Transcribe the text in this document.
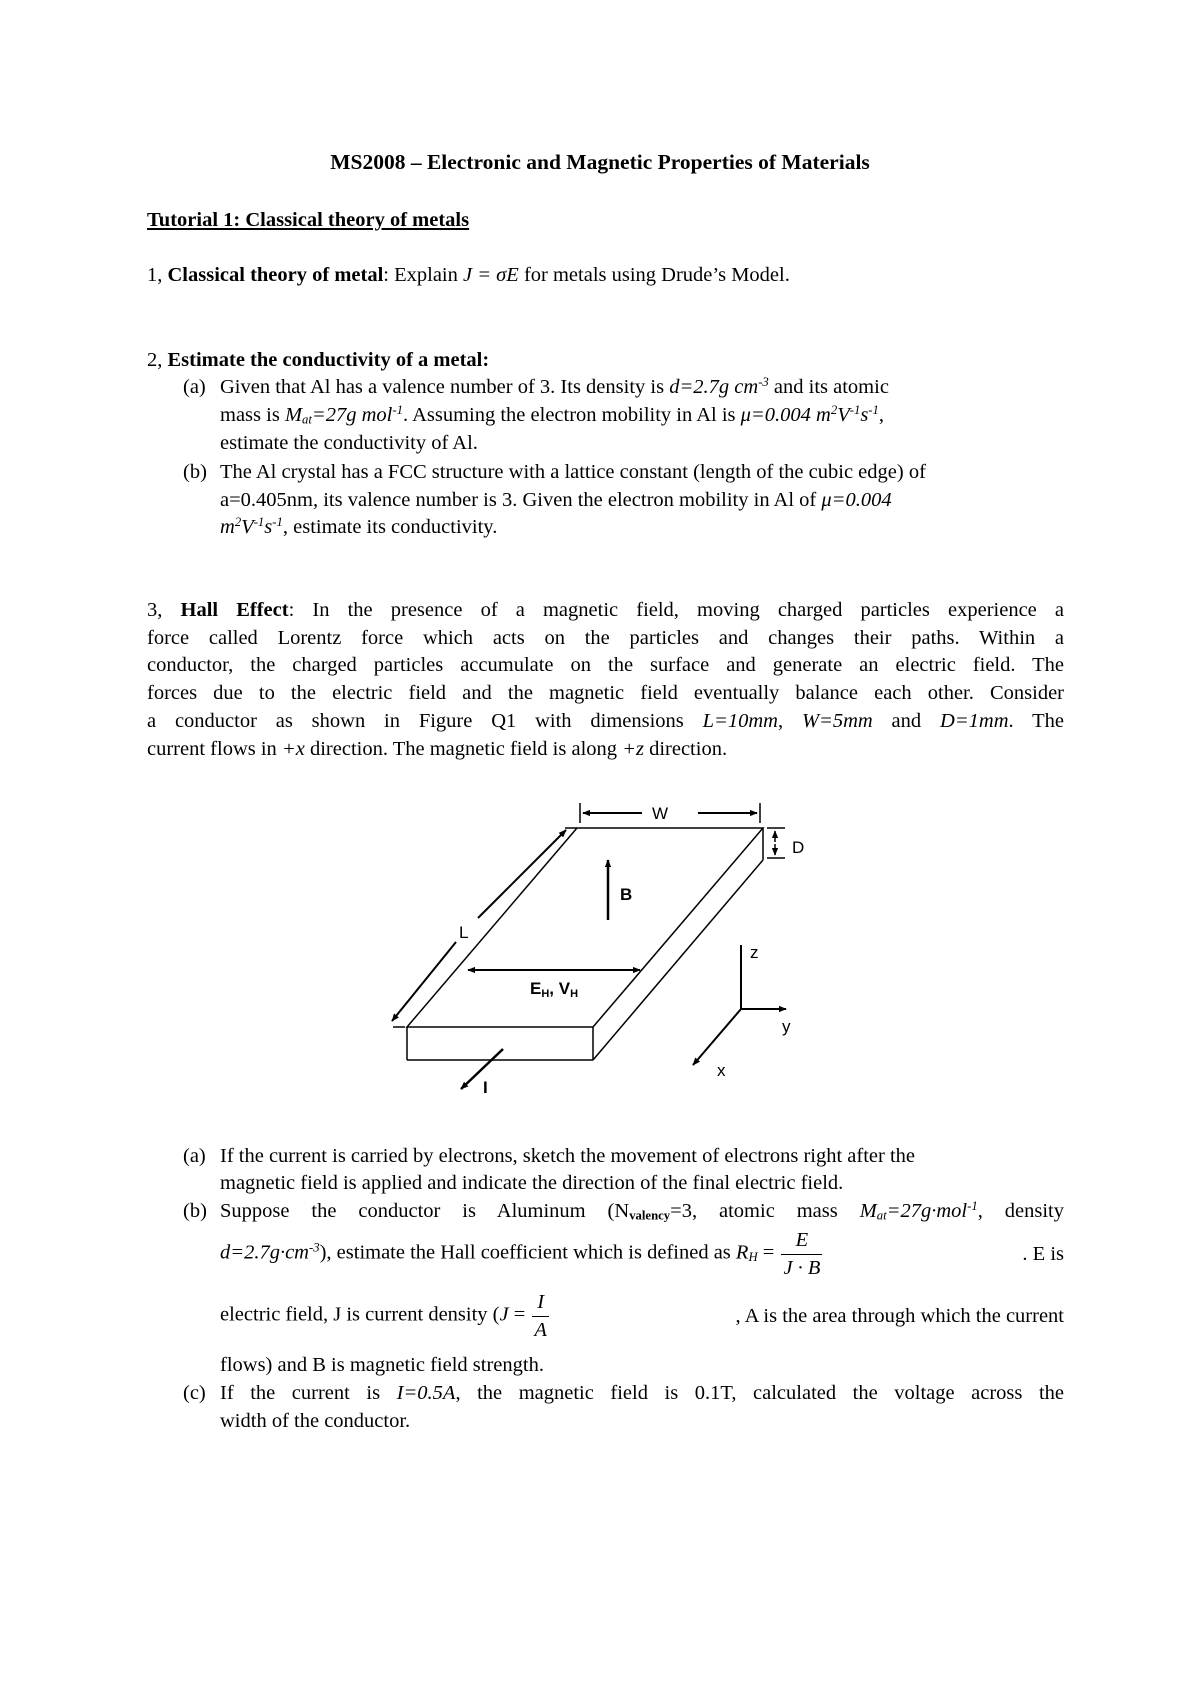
MS2008 – Electronic and Magnetic Properties of Materials
Tutorial 1: Classical theory of metals
1, Classical theory of metal: Explain J = σE for metals using Drude’s Model.
2, Estimate the conductivity of a metal:
(a) Given that Al has a valence number of 3. Its density is d=2.7g $cm^{-3}$ and its atomic
mass is $M_{at}=27g$ mol$^{-1}$. Assuming the electron mobility in Al is μ=0.004 $m^2V^{-1}s^{-1}$,
estimate the conductivity of Al.
(b) The Al crystal has a FCC structure with a lattice constant (length of the cubic edge) of
a=0.405nm, its valence number is 3. Given the electron mobility in Al of μ=0.004
$m^2V^{-1}s^{-1}$, estimate its conductivity.
3, Hall Effect: In the presence of a magnetic field, moving charged particles experience a
force called Lorentz force which acts on the particles and changes their paths. Within a
conductor, the charged particles accumulate on the surface and generate an electric field. The
forces due to the electric field and the magnetic field eventually balance each other. Consider
a conductor as shown in Figure Q1 with dimensions L=10mm, W=5mm and D=1mm. The
current flows in +x direction. The magnetic field is along +z direction.
W
D
B
L
EH, VH
I
z
y
x
(a) If the current is carried by electrons, sketch the movement of electrons right after the
magnetic field is applied and indicate the direction of the final electric field.
(b) Suppose the conductor is Aluminum ($N_{valency}=3$, atomic mass $M_{at}=27g\cdot mol^{-1}$, density
$d=2.7g\cdot cm^{-3}$), estimate the Hall coefficient which is defined as $R_H = \frac{E}{J \cdot B}$	. E is
electric field, J is current density ($J = \frac{I}{A}$	, A is the area through which the current
flows) and B is magnetic field strength.
(c) If the current is I=0.5A, the magnetic field is 0.1T, calculated the voltage across the
width of the conductor.
